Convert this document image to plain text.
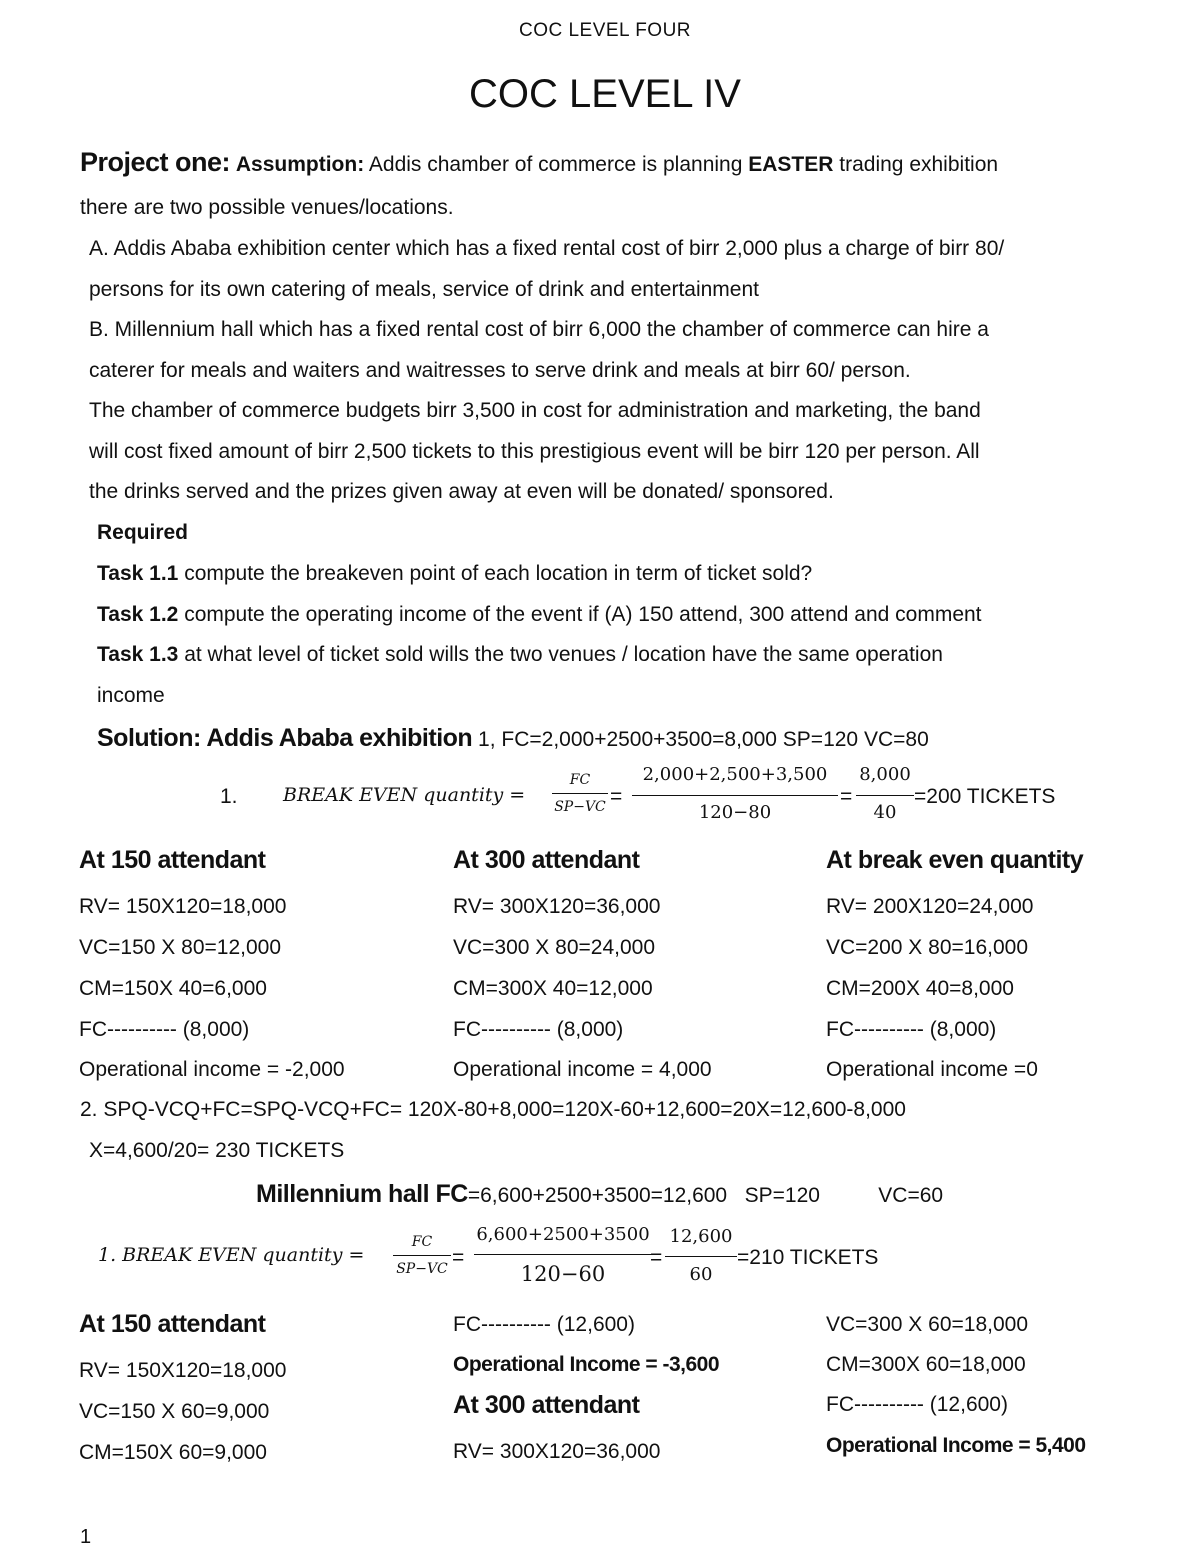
COC LEVEL FOUR
COC LEVEL IV
Project one: Assumption: Addis chamber of commerce is planning EASTER trading exhibition
there are two possible venues/locations.
A. Addis Ababa exhibition center which has a fixed rental cost of birr 2,000 plus a charge of birr 80/
persons for its own catering of meals, service of drink and entertainment
B. Millennium hall which has a fixed rental cost of birr 6,000 the chamber of commerce can hire a
caterer for meals and waiters and waitresses to serve drink and meals at birr 60/ person.
The chamber of commerce budgets birr 3,500 in cost for administration and marketing, the band
will cost fixed amount of birr 2,500 tickets to this prestigious event will be birr 120 per person. All
the drinks served and the prizes given away at even will be donated/ sponsored.
Required
Task 1.1 compute the breakeven point of each location in term of ticket sold?
Task 1.2 compute the operating income of the event if (A) 150 attend, 300 attend and comment
Task 1.3 at what level of ticket sold wills the two venues / location have the same operation
income
Solution: Addis Ababa exhibition 1, FC=2,000+2500+3500=8,000 SP=120 VC=80
1. BREAK EVEN quantity =
FC
SP−VC =
2,000+2,500+3,500
120−80
=
8,000
40
=200 TICKETS
At 150 attendant
RV= 150X120=18,000
VC=150 X 80=12,000
CM=150X 40=6,000
FC---------- (8,000)
Operational income = -2,000
At 300 attendant
RV= 300X120=36,000
VC=300 X 80=24,000
CM=300X 40=12,000
FC---------- (8,000)
Operational income = 4,000
At break even quantity
RV= 200X120=24,000
VC=200 X 80=16,000
CM=200X 40=8,000
FC---------- (8,000)
Operational income =0
2. SPQ-VCQ+FC=SPQ-VCQ+FC= 120X-80+8,000=120X-60+12,600=20X=12,600-8,000
X=4,600/20= 230 TICKETS
Millennium hall FC=6,600+2500+3500=12,600   SP=120          VC=60
1. BREAK EVEN quantity =
FC
SP−VC =
6,600+2500+3500
120−60
=
12,600
60
=210 TICKETS
At 150 attendant
RV= 150X120=18,000
VC=150 X 60=9,000
CM=150X 60=9,000
FC---------- (12,600)
Operational Income = -3,600
At 300 attendant
RV= 300X120=36,000
VC=300 X 60=18,000
CM=300X 60=18,000
FC---------- (12,600)
Operational Income = 5,400
1
